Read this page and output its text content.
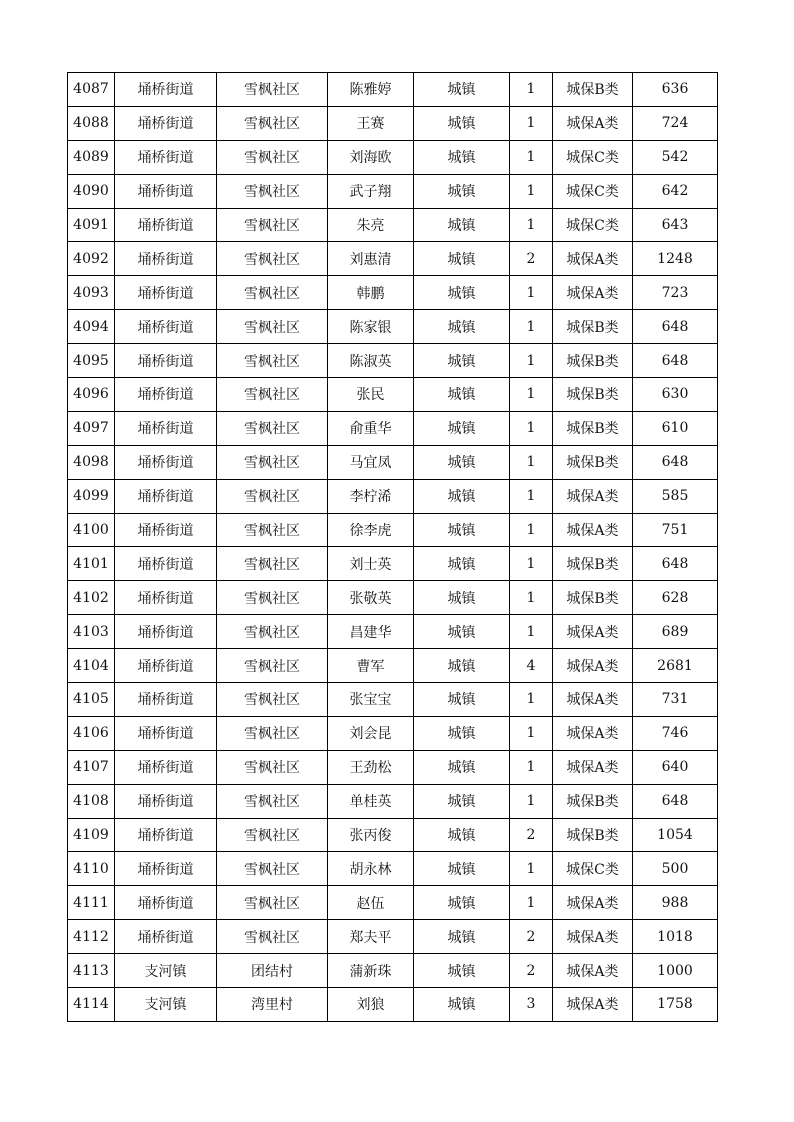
4087	埇桥街道	雪枫社区	陈雅婷	城镇	1	城保B类	636
4088	埇桥街道	雪枫社区	王赛	城镇	1	城保A类	724
4089	埇桥街道	雪枫社区	刘海欧	城镇	1	城保C类	542
4090	埇桥街道	雪枫社区	武子翔	城镇	1	城保C类	642
4091	埇桥街道	雪枫社区	朱亮	城镇	1	城保C类	643
4092	埇桥街道	雪枫社区	刘惠清	城镇	2	城保A类	1248
4093	埇桥街道	雪枫社区	韩鹏	城镇	1	城保A类	723
4094	埇桥街道	雪枫社区	陈家银	城镇	1	城保B类	648
4095	埇桥街道	雪枫社区	陈淑英	城镇	1	城保B类	648
4096	埇桥街道	雪枫社区	张民	城镇	1	城保B类	630
4097	埇桥街道	雪枫社区	俞重华	城镇	1	城保B类	610
4098	埇桥街道	雪枫社区	马宜凤	城镇	1	城保B类	648
4099	埇桥街道	雪枫社区	李柠浠	城镇	1	城保A类	585
4100	埇桥街道	雪枫社区	徐李虎	城镇	1	城保A类	751
4101	埇桥街道	雪枫社区	刘士英	城镇	1	城保B类	648
4102	埇桥街道	雪枫社区	张敬英	城镇	1	城保B类	628
4103	埇桥街道	雪枫社区	昌建华	城镇	1	城保A类	689
4104	埇桥街道	雪枫社区	曹军	城镇	4	城保A类	2681
4105	埇桥街道	雪枫社区	张宝宝	城镇	1	城保A类	731
4106	埇桥街道	雪枫社区	刘会昆	城镇	1	城保A类	746
4107	埇桥街道	雪枫社区	王劲松	城镇	1	城保A类	640
4108	埇桥街道	雪枫社区	单桂英	城镇	1	城保B类	648
4109	埇桥街道	雪枫社区	张丙俊	城镇	2	城保B类	1054
4110	埇桥街道	雪枫社区	胡永林	城镇	1	城保C类	500
4111	埇桥街道	雪枫社区	赵伍	城镇	1	城保A类	988
4112	埇桥街道	雪枫社区	郑夫平	城镇	2	城保A类	1018
4113	支河镇	团结村	蒲新珠	城镇	2	城保A类	1000
4114	支河镇	湾里村	刘狼	城镇	3	城保A类	1758
